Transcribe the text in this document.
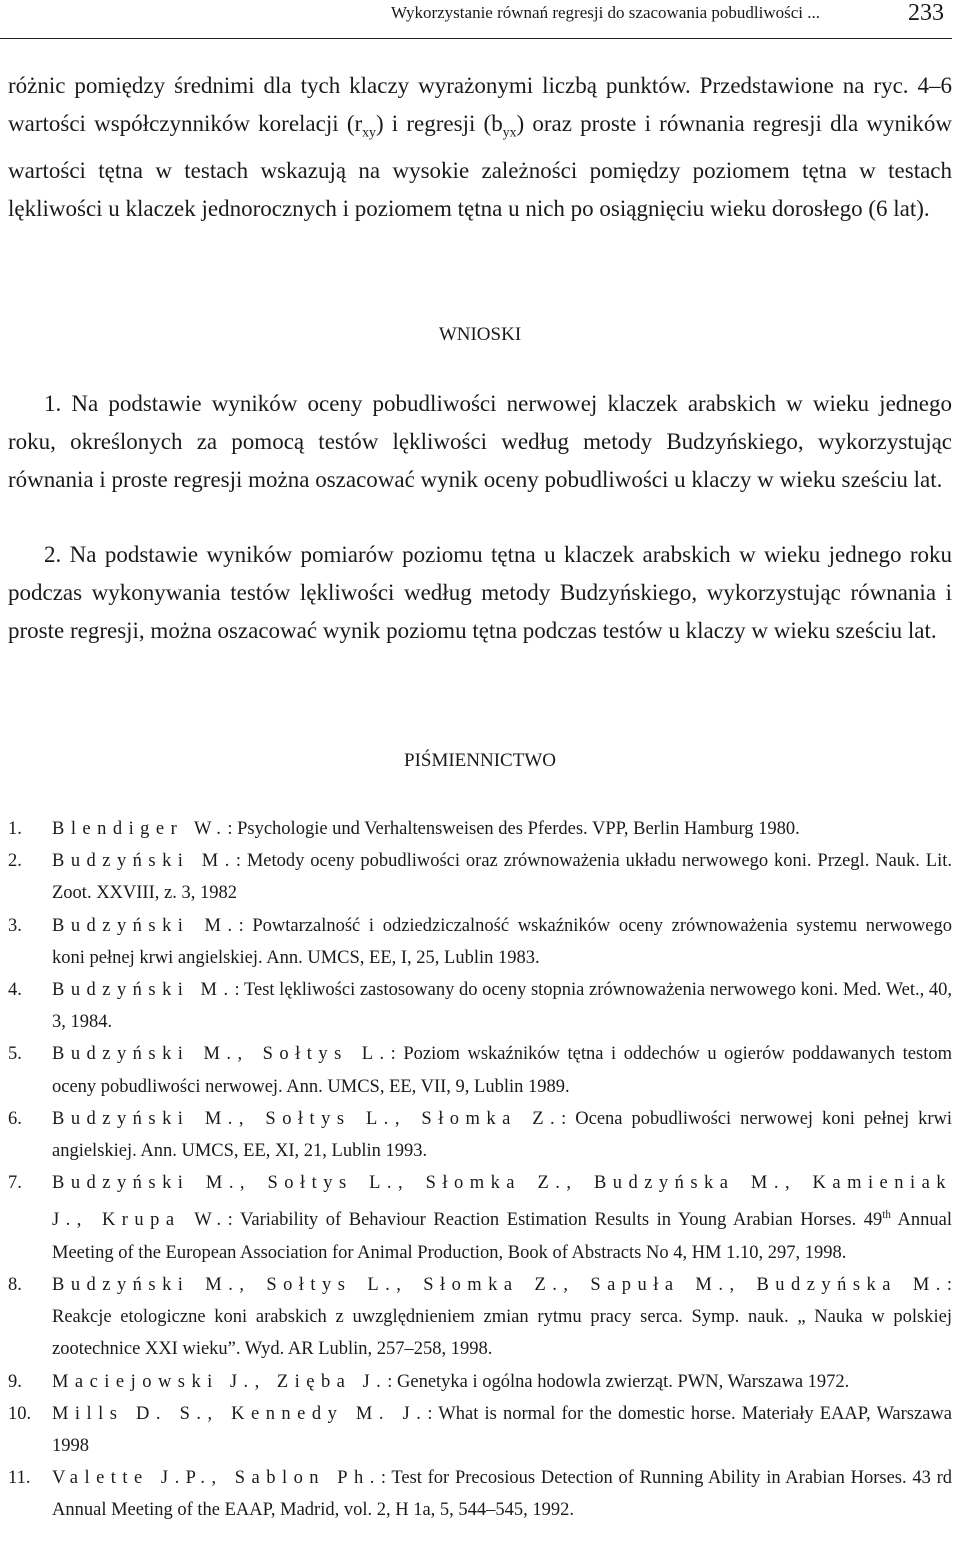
Wykorzystanie równań regresji do szacowania pobudliwości ...	233
różnic pomiędzy średnimi dla tych klaczy wyrażonymi liczbą punktów. Przedstawione na ryc. 4–6 wartości współczynników korelacji $(r_{xy})$ i regresji $(b_{yx})$ oraz proste i równania regresji dla wyników wartości tętna w testach wskazują na wysokie zależności pomiędzy poziomem tętna w testach lękliwości u klaczek jednorocznych i poziomem tętna u nich po osiągnięciu wieku dorosłego (6 lat).
WNIOSKI
1. Na podstawie wyników oceny pobudliwości nerwowej klaczek arabskich w wieku jednego roku, określonych za pomocą testów lękliwości według metody Budzyńskiego, wykorzystując równania i proste regresji można oszacować wynik oceny pobudliwości u klaczy w wieku sześciu lat.
2. Na podstawie wyników pomiarów poziomu tętna u klaczek arabskich w wieku jednego roku podczas wykonywania testów lękliwości według metody Budzyńskiego, wykorzystując równania i proste regresji, można oszacować wynik poziomu tętna podczas testów u klaczy w wieku sześciu lat.
PIŚMIENNICTWO
1. Blendiger W.: Psychologie und Verhaltensweisen des Pferdes. VPP, Berlin Hamburg 1980.
2. Budzyński M.: Metody oceny pobudliwości oraz zrównoważenia układu nerwowego koni. Przegl. Nauk. Lit. Zoot. XXVIII, z. 3, 1982
3. Budzyński M.: Powtarzalność i odziedziczalność wskaźników oceny zrównoważenia systemu nerwowego koni pełnej krwi angielskiej. Ann. UMCS, EE, I, 25, Lublin 1983.
4. Budzyński M.: Test lękliwości zastosowany do oceny stopnia zrównoważenia nerwowego koni. Med. Wet., 40, 3, 1984.
5. Budzyński M., Sołtys L.: Poziom wskaźników tętna i oddechów u ogierów poddawanych testom oceny pobudliwości nerwowej. Ann. UMCS, EE, VII, 9, Lublin 1989.
6. Budzyński M., Sołtys L., Słomka Z.: Ocena pobudliwości nerwowej koni pełnej krwi angielskiej. Ann. UMCS, EE, XI, 21, Lublin 1993.
7. Budzyński M., Sołtys L., Słomka Z., Budzyńska M., Kamieniak J., Krupa W.: Variability of Behaviour Reaction Estimation Results in Young Arabian Horses. 49th Annual Meeting of the European Association for Animal Production, Book of Abstracts No 4, HM 1.10, 297, 1998.
8. Budzyński M., Sołtys L., Słomka Z., Sapuła M., Budzyńska M.: Reakcje etologiczne koni arabskich z uwzględnieniem zmian rytmu pracy serca. Symp. nauk. „ Nauka w polskiej zootechnice XXI wieku”. Wyd. AR Lublin, 257–258, 1998.
9. Maciejowski J., Zięba J.: Genetyka i ogólna hodowla zwierząt. PWN, Warszawa 1972.
10. Mills D. S., Kennedy M. J.: What is normal for the domestic horse. Materiały EAAP, Warszawa 1998
11. Valette J.P., Sablon Ph.: Test for Precosious Detection of Running Ability in Arabian Horses. 43 rd Annual Meeting of the EAAP, Madrid, vol. 2, H 1a, 5, 544–545, 1992.
